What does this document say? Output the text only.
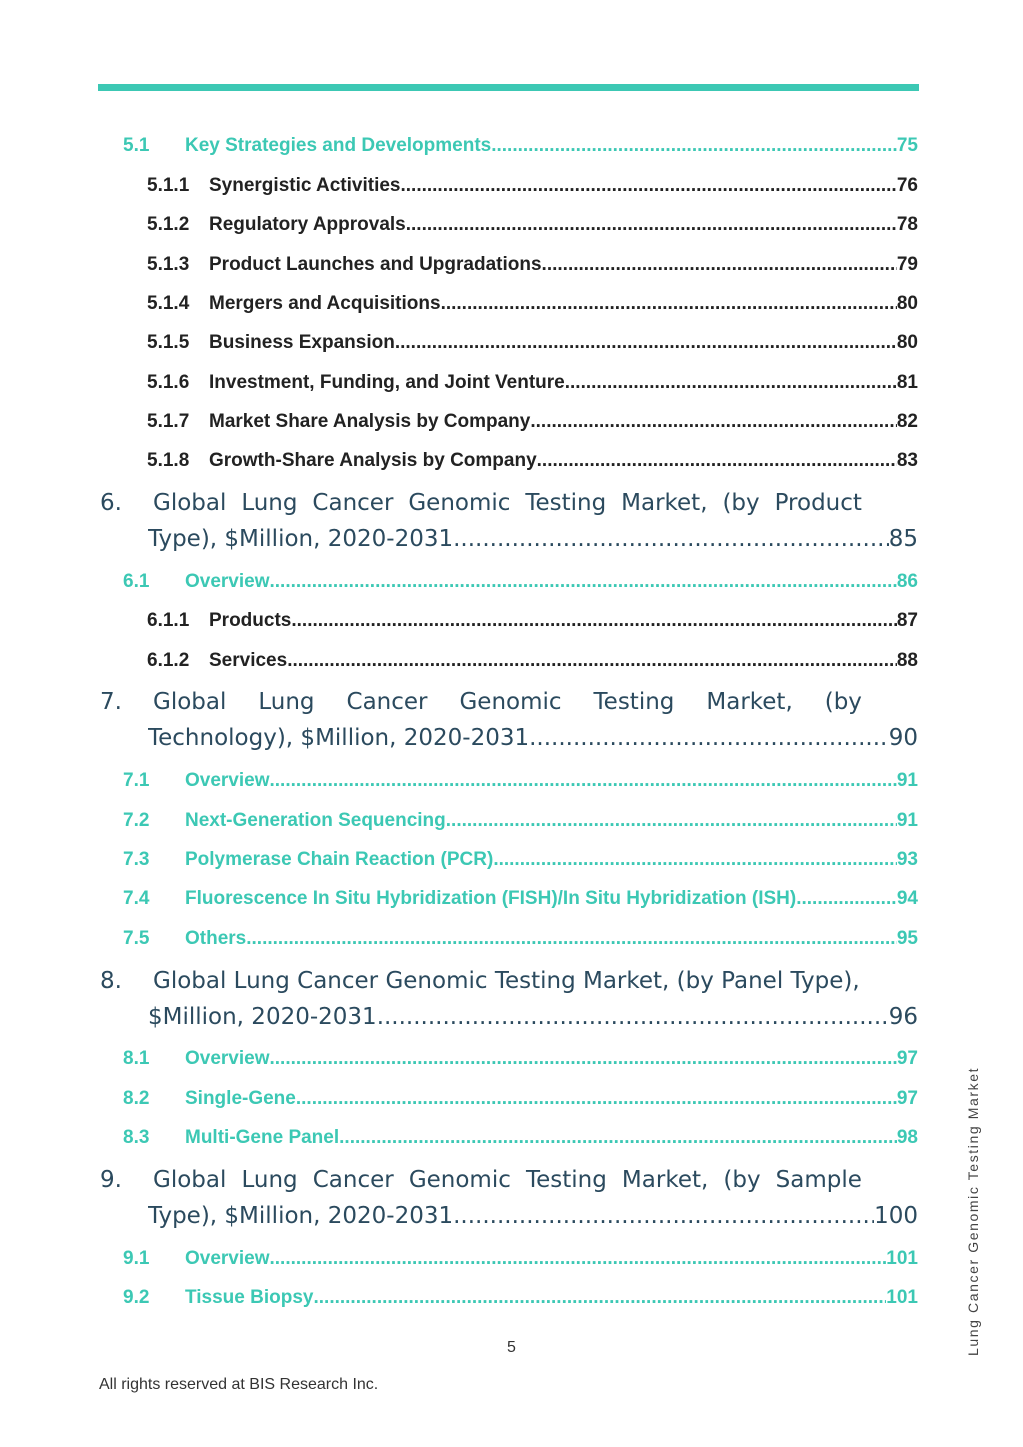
5.1	Key Strategies and Developments .....	75
5.1.1	Synergistic Activities .....	76
5.1.2	Regulatory Approvals .....	78
5.1.3	Product Launches and Upgradations .....	79
5.1.4	Mergers and Acquisitions .....	80
5.1.5	Business Expansion .....	80
5.1.6	Investment, Funding, and Joint Venture .....	81
5.1.7	Market Share Analysis by Company .....	82
5.1.8	Growth-Share Analysis by Company .....	83
6.	Global Lung Cancer Genomic Testing Market, (by Product
Type), $Million, 2020-2031 .....	85
6.1	Overview .....	86
6.1.1	Products .....	87
6.1.2	Services .....	88
7.	Global Lung Cancer Genomic Testing Market, (by
Technology), $Million, 2020-2031 .....	90
7.1	Overview .....	91
7.2	Next-Generation Sequencing .....	91
7.3	Polymerase Chain Reaction (PCR) .....	93
7.4	Fluorescence In Situ Hybridization (FISH)/In Situ Hybridization (ISH) .....	94
7.5	Others .....	95
8.	Global Lung Cancer Genomic Testing Market, (by Panel Type),
$Million, 2020-2031 .....	96
8.1	Overview .....	97
8.2	Single-Gene .....	97
8.3	Multi-Gene Panel .....	98
9.	Global Lung Cancer Genomic Testing Market, (by Sample
Type), $Million, 2020-2031 .....	100
9.1	Overview .....	101
9.2	Tissue Biopsy .....	101	Lung Cancer Genomic Testing Market
5
All rights reserved at BIS Research Inc.
